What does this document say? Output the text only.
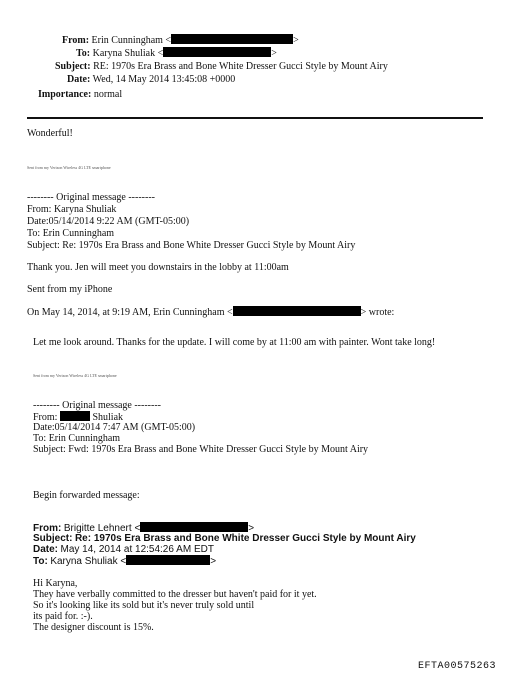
From: Erin Cunningham <	>
To: Karyna Shuliak <	>
Subject: RE: 1970s Era Brass and Bone White Dresser Gucci Style by Mount Airy
Date: Wed, 14 May 2014 13:45:08 +0000
Importance: normal
Wonderful!
Sent from my Verizon Wireless 4G LTE smartphone
-------- Original message --------
From: Karyna Shuliak
Date:05/14/2014 9:22 AM (GMT-05:00)
To: Erin Cunningham
Subject: Re: 1970s Era Brass and Bone White Dresser Gucci Style by Mount Airy
Thank you. Jen will meet you downstairs in the lobby at 11:00am
Sent from my iPhone
On May 14, 2014, at 9:19 AM, Erin Cunningham <	> wrote:
Let me look around. Thanks for the update. I will come by at 11:00 am with painter. Wont take long!
Sent from my Verizon Wireless 4G LTE smartphone
-------- Original message --------
From:	Shuliak
Date:05/14/2014 7:47 AM (GMT-05:00)
To: Erin Cunningham
Subject: Fwd: 1970s Era Brass and Bone White Dresser Gucci Style by Mount Airy
Begin forwarded message:
From: Brigitte Lehnert <	>
Subject: Re: 1970s Era Brass and Bone White Dresser Gucci Style by Mount Airy
Date: May 14, 2014 at 12:54:26 AM EDT
To: Karyna Shuliak <	>
Hi Karyna,
They have verbally committed to the dresser but haven't paid for it yet.
So it's looking like its sold but it's never truly sold until
its paid for. :-).
The designer discount is 15%.
EFTA00575263
